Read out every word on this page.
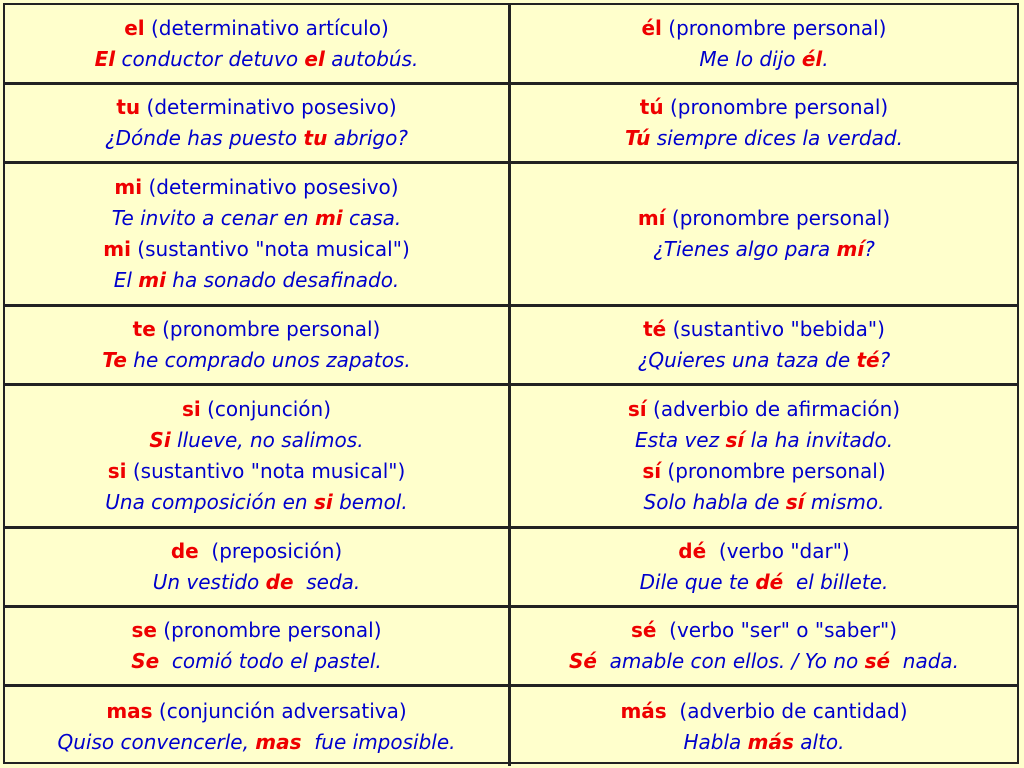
el (determinativo artículo)
El conductor detuvo el autobús.
él (pronombre personal)
Me lo dijo él.
tu (determinativo posesivo)
¿Dónde has puesto tu abrigo?
tú (pronombre personal)
Tú siempre dices la verdad.
mi (determinativo posesivo)
Te invito a cenar en mi casa.
mi (sustantivo "nota musical")
El mi ha sonado desafinado.
mí (pronombre personal)
¿Tienes algo para mí?
te (pronombre personal)
Te he comprado unos zapatos.
té (sustantivo "bebida")
¿Quieres una taza de té?
si (conjunción)
Si llueve, no salimos.
si (sustantivo "nota musical")
Una composición en si bemol.
sí (adverbio de afirmación)
Esta vez sí la ha invitado.
sí (pronombre personal)
Solo habla de sí mismo.
de  (preposición)
Un vestido de  seda.
dé  (verbo "dar")
Dile que te dé  el billete.
se (pronombre personal)
Se  comió todo el pastel.
sé  (verbo "ser" o "saber")
Sé  amable con ellos. / Yo no sé  nada.
mas (conjunción adversativa)
Quiso convencerle, mas  fue imposible.
más  (adverbio de cantidad)
Habla más alto.
